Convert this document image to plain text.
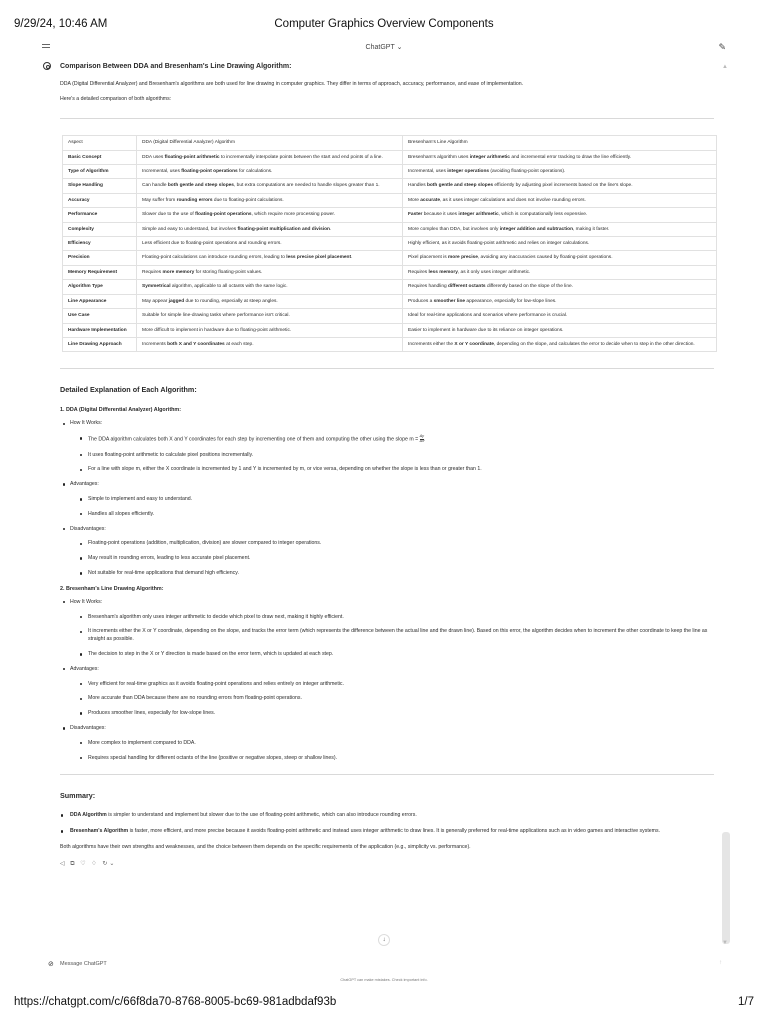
9/29/24, 10:46 AM	Computer Graphics Overview Components
ChatGPT ⌄	✎
▲
▼
Comparison Between DDA and Bresenham's Line Drawing Algorithm:

DDA (Digital Differential Analyzer) and Bresenham's algorithms are both used for line drawing in computer graphics. They differ in terms of approach, accuracy, performance, and ease of implementation.

Here's a detailed comparison of both algorithms:

Aspect	DDA (Digital Differential Analyzer) Algorithm	Bresenham's Line Algorithm
Basic Concept	DDA uses floating-point arithmetic to incrementally interpolate points between the start and end points of a line.	Bresenham's algorithm uses integer arithmetic and incremental error tracking to draw the line efficiently.
Type of Algorithm	Incremental, uses floating-point operations for calculations.	Incremental, uses integer operations (avoiding floating-point operations).
Slope Handling	Can handle both gentle and steep slopes, but extra computations are needed to handle slopes greater than 1.	Handles both gentle and steep slopes efficiently by adjusting pixel increments based on the line's slope.
Accuracy	May suffer from rounding errors due to floating-point calculations.	More accurate, as it uses integer calculations and does not involve rounding errors.
Performance	Slower due to the use of floating-point operations, which require more processing power.	Faster because it uses integer arithmetic, which is computationally less expensive.
Complexity	Simple and easy to understand, but involves floating-point multiplication and division.	More complex than DDA, but involves only integer addition and subtraction, making it faster.
Efficiency	Less efficient due to floating-point operations and rounding errors.	Highly efficient, as it avoids floating-point arithmetic and relies on integer calculations.
Precision	Floating-point calculations can introduce rounding errors, leading to less precise pixel placement.	Pixel placement is more precise, avoiding any inaccuracies caused by floating-point operations.
Memory Requirement	Requires more memory for storing floating-point values.	Requires less memory, as it only uses integer arithmetic.
Algorithm Type	Symmetrical algorithm, applicable to all octants with the same logic.	Requires handling different octants differently based on the slope of the line.
Line Appearance	May appear jagged due to rounding, especially at steep angles.	Produces a smoother line appearance, especially for low-slope lines.
Use Case	Suitable for simple line-drawing tasks where performance isn't critical.	Ideal for real-time applications and scenarios where performance is crucial.
Hardware Implementation	More difficult to implement in hardware due to floating-point arithmetic.	Easier to implement in hardware due to its reliance on integer operations.
Line Drawing Approach	Increments both X and Y coordinates at each step.	Increments either the X or Y coordinate, depending on the slope, and calculates the error to decide when to step in the other direction.
Detailed Explanation of Each Algorithm:
1. DDA (Digital Differential Analyzer) Algorithm:
How It Works:
The DDA algorithm calculates both X and Y coordinates for each step by incrementing one of them and computing the other using the slope $m = \frac{\Delta y}{\Delta x}$ .
It uses floating-point arithmetic to calculate pixel positions incrementally.
For a line with slope m, either the X coordinate is incremented by 1 and Y is incremented by m, or vice versa, depending on whether the slope is less than or greater than 1.
Advantages:
Simple to implement and easy to understand.
Handles all slopes efficiently.
Disadvantages:
Floating-point operations (addition, multiplication, division) are slower compared to integer operations.
May result in rounding errors, leading to less accurate pixel placement.
Not suitable for real-time applications that demand high efficiency.
2. Bresenham's Line Drawing Algorithm:
How It Works:
Bresenham's algorithm only uses integer arithmetic to decide which pixel to draw next, making it highly efficient.
It increments either the X or Y coordinate, depending on the slope, and tracks the error term (which represents the difference between the actual line and the drawn line). Based on this error, the algorithm decides when to increment the other coordinate to keep the line as straight as possible.
The decision to step in the X or Y direction is made based on the error term, which is updated at each step.
Advantages:
Very efficient for real-time graphics as it avoids floating-point operations and relies entirely on integer arithmetic.
More accurate than DDA because there are no rounding errors from floating-point operations.
Produces smoother lines, especially for low-slope lines.
Disadvantages:
More complex to implement compared to DDA.
Requires special handling for different octants of the line (positive or negative slopes, steep or shallow lines).
Summary:
DDA Algorithm is simpler to understand and implement but slower due to the use of floating-point arithmetic, which can also introduce rounding errors.
Bresenham's Algorithm is faster, more efficient, and more precise because it avoids floating-point arithmetic and instead uses integer arithmetic to draw lines. It is generally preferred for real-time applications such as in video games and interactive systems.

Both algorithms have their own strengths and weaknesses, and the choice between them depends on the specific requirements of the application (e.g., simplicity vs. performance).

◁ ⧉ ♡ ♢ ↻⌄
↓
⊘ Message ChatGPT	↑
ChatGPT can make mistakes. Check important info.
https://chatgpt.com/c/66f8da70-8768-8005-bc69-981adbdaf93b	1/7
